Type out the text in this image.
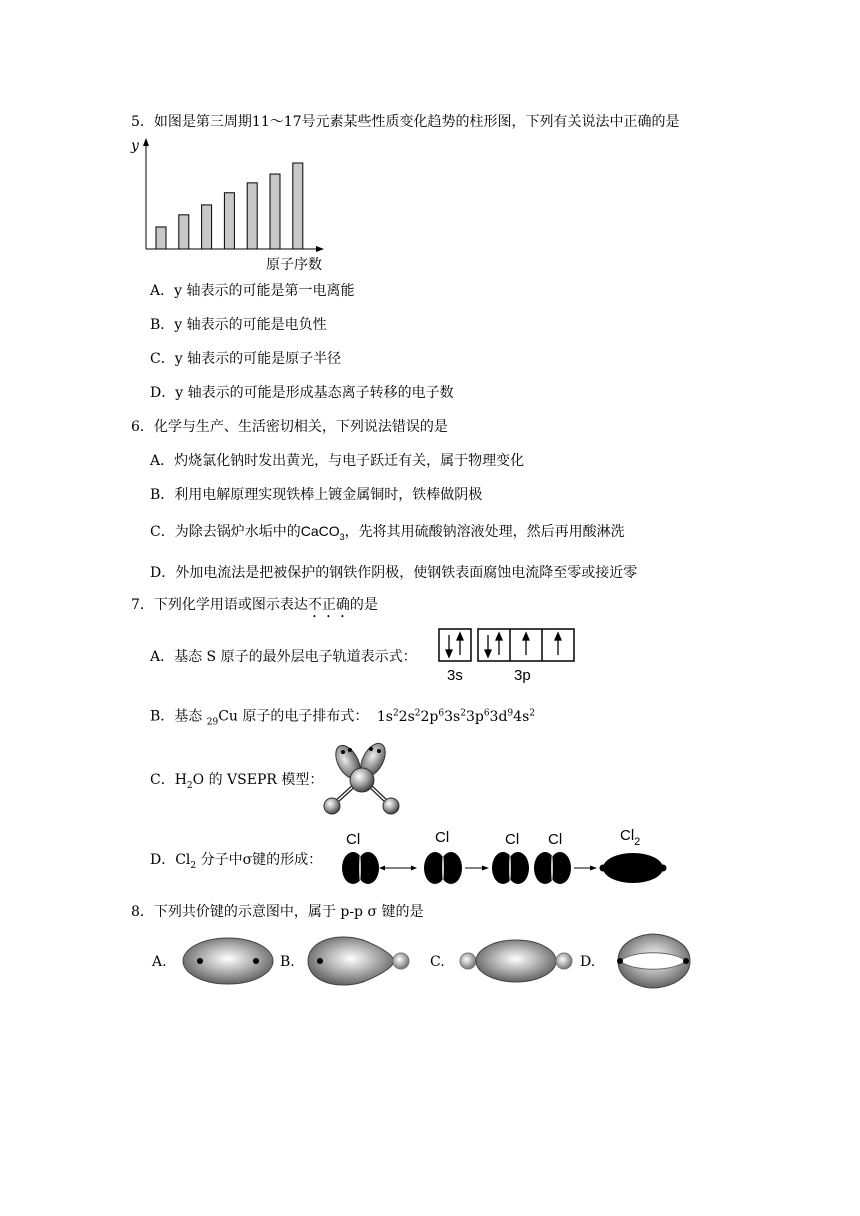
5．如图是第三周期11～17号元素某些性质变化趋势的柱形图，下列有关说法中正确的是
y
原子序数
A．y 轴表示的可能是第一电离能
B．y 轴表示的可能是电负性
C．y 轴表示的可能是原子半径
D．y 轴表示的可能是形成基态离子转移的电子数
6．化学与生产、生活密切相关，下列说法错误的是
A．灼烧氯化钠时发出黄光，与电子跃迁有关，属于物理变化
B．利用电解原理实现铁棒上镀金属铜时，铁棒做阴极
C．为除去锅炉水垢中的CaCO$_3$，先将其用硫酸钠溶液处理，然后再用酸淋洗
D．外加电流法是把被保护的钢铁作阴极，使钢铁表面腐蚀电流降至零或接近零
7．下列化学用语或图示表达不正确的是
A．基态 S 原子的最外层电子轨道表示式：
3s	3p
B．基态 $_{29}$Cu 原子的电子排布式： $1s^22s^22p^63s^23p^63d^94s^2$
C．$H_2O$ 的 VSEPR 模型：
D．$Cl_2$ 分子中σ键的形成：
Cl	Cl	Cl Cl	$Cl_2$
8．下列共价键的示意图中，属于 p-p σ 键的是
A.	B.	C.	D.
